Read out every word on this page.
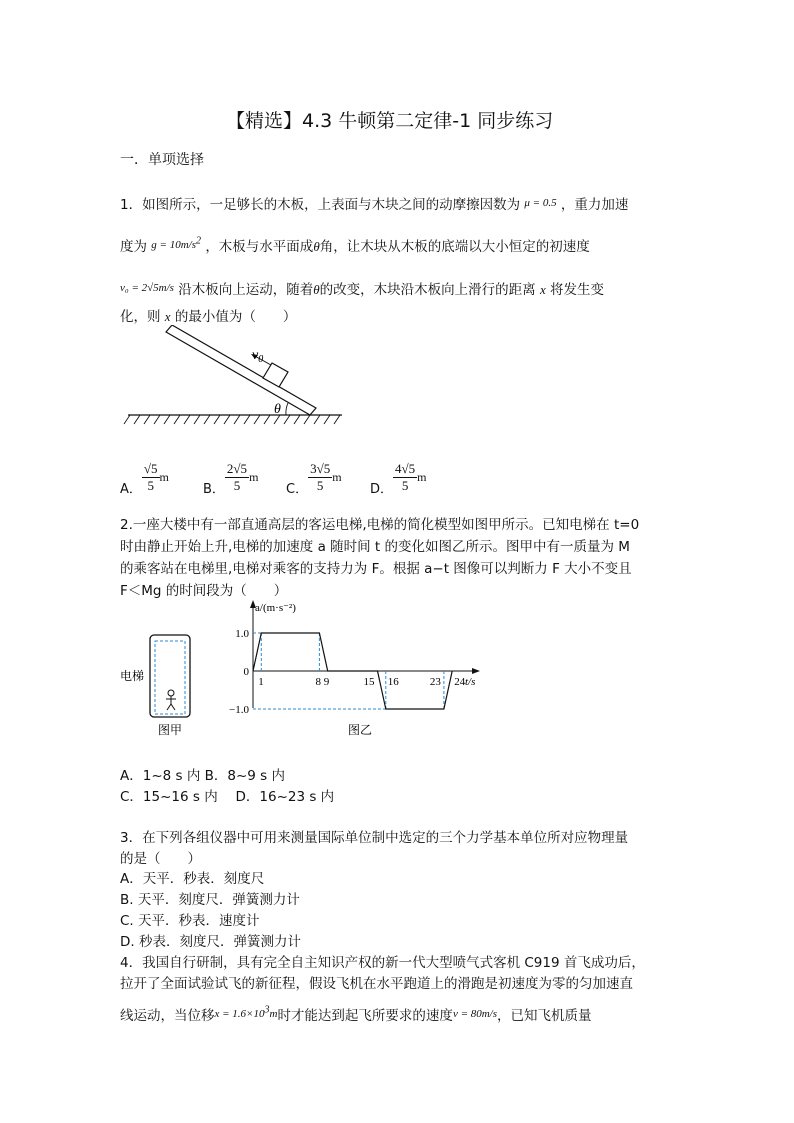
【精选】4.3 牛顿第二定律-1 同步练习
一．单项选择
1．如图所示，一足够长的木板，上表面与木块之间的动摩擦因数为 $^{\mu = 0.5}$ ，重力加速
度为 $^{g = 10m/s2}$ ，木板与水平面成θ角，让木块从木板的底端以大小恒定的初速度
$^{v_0 = 2√5m/s}$ 沿木板向上运动，随着θ的改变，木块沿木板向上滑行的距离 x 将发生变
化，则 x 的最小值为（　　）
$v_0$
θ
A． $\frac{√5}{5}$ m
B． $\frac{2√5}{5}$ m
C． $\frac{3√5}{5}$ m
D． $\frac{4√5}{5}$ m
2.一座大楼中有一部直通高层的客运电梯,电梯的简化模型如图甲所示。已知电梯在 t=0
时由静止开始上升,电梯的加速度 a 随时间 t 的变化如图乙所示。图甲中有一质量为 M
的乘客站在电梯里,电梯对乘客的支持力为 F。根据 a−t 图像可以判断力 F 大小不变且
F＜Mg 的时间段为（　　）
电梯
图甲
a/(m·s⁻²)
t/s
1	8 9	15 16	23 24
1.0
0
−1.0
图乙
A．1~8 s 内 B．8~9 s 内
C．15~16 s 内　 D．16~23 s 内
3．在下列各组仪器中可用来测量国际单位制中选定的三个力学基本单位所对应物理量
的是（　　）
A．天平．秒表．刻度尺
B. 天平．刻度尺．弹簧测力计
C. 天平．秒表．速度计
D. 秒表．刻度尺．弹簧测力计
4．我国自行研制，具有完全自主知识产权的新一代大型喷气式客机 C919 首飞成功后，
拉开了全面试验试飞的新征程，假设飞机在水平跑道上的滑跑是初速度为零的匀加速直
线运动，当位移$^{x = 1.6\times 103m}$时才能达到起飞所要求的速度$^{v = 80m/s}$，已知飞机质量
